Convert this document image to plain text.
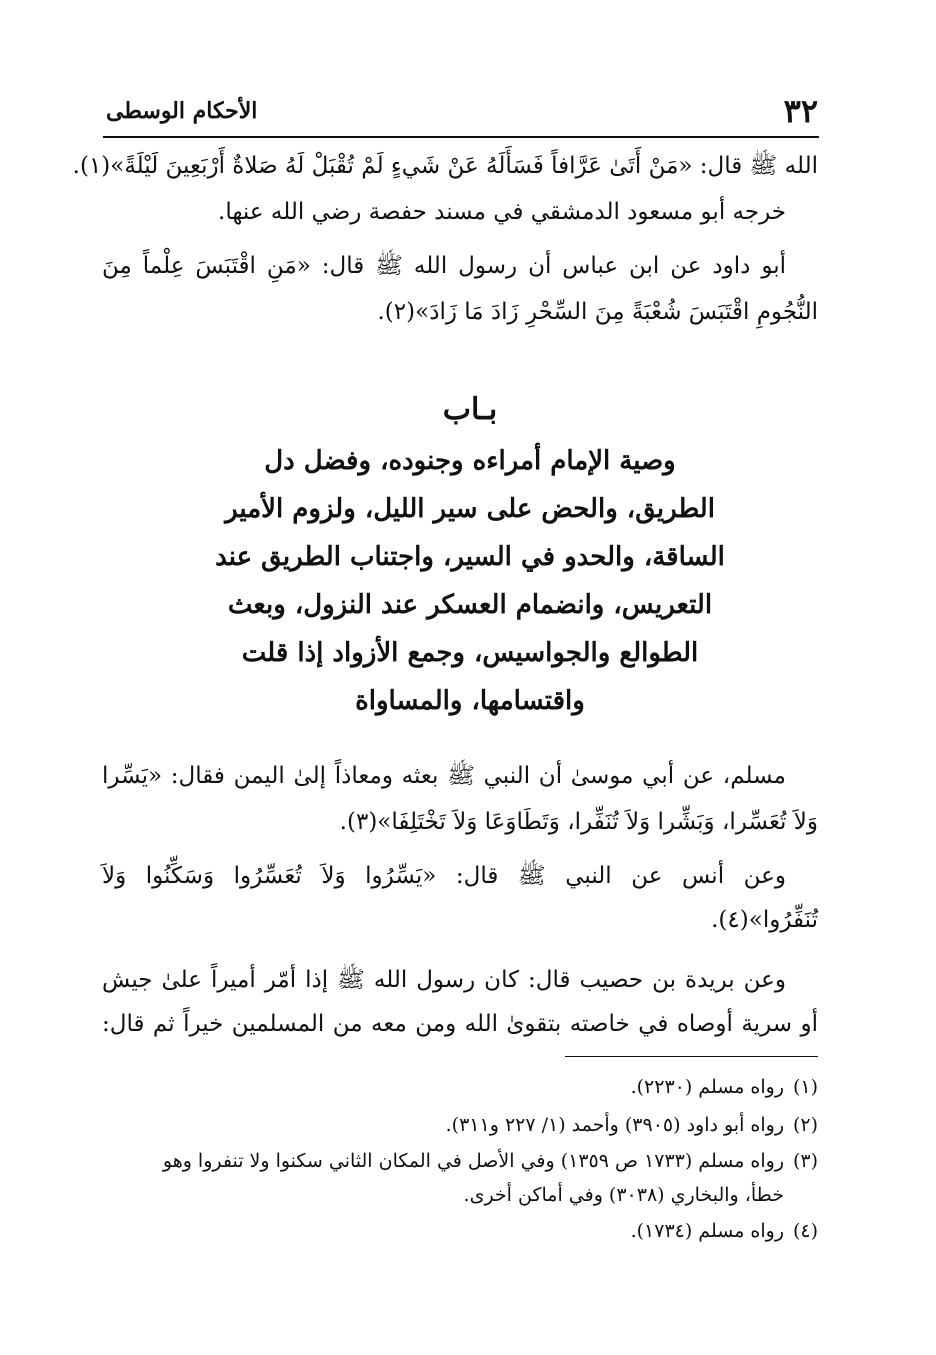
٣٢
الأحكام الوسطى
الله ﷺ قال: «مَنْ أَتَىٰ عَرَّافاً فَسَأَلَهُ عَنْ شَيءٍ لَمْ تُقْبَلْ لَهُ صَلاةٌ أَرْبَعِينَ لَيْلَةً»(١).
خرجه أبو مسعود الدمشقي في مسند حفصة رضي الله عنها.
أبو داود عن ابن عباس أن رسول الله ﷺ قال: «مَنِ اقْتَبَسَ عِلْماً مِنَ
النُّجُومِ اقْتَبَسَ شُعْبَةً مِنَ السِّحْرِ زَادَ مَا زَادَ»(٢).
بـاب
وصية الإمام أمراءه وجنوده، وفضل دل
الطريق، والحض على سير الليل، ولزوم الأمير
الساقة، والحدو في السير، واجتناب الطريق عند
التعريس، وانضمام العسكر عند النزول، وبعث
الطوالع والجواسيس، وجمع الأزواد إذا قلت
واقتسامها، والمساواة
مسلم، عن أبي موسىٰ أن النبي ﷺ بعثه ومعاذاً إلىٰ اليمن فقال: «يَسِّرا
وَلاَ تُعَسِّرا، وَبَشِّرا وَلاَ تُنَفِّرا، وَتَطَاوَعَا وَلاَ تَخْتَلِفَا»(٣).
وعن أنس عن النبي ﷺ قال: «يَسِّرُوا وَلاَ تُعَسِّرُوا وَسَكِّنُوا وَلاَ
تُنَفِّرُوا»(٤).
وعن بريدة بن حصيب قال: كان رسول الله ﷺ إذا أمّر أميراً علىٰ جيش
أو سرية أوصاه في خاصته بتقوىٰ الله ومن معه من المسلمين خيراً ثم قال:
(١)رواه مسلم (٢٢٣٠).
(٢)رواه أبو داود (٣٩٠٥) وأحمد (١/ ٢٢٧ و٣١١).
(٣)رواه مسلم (١٧٣٣ ص ١٣٥٩) وفي الأصل في المكان الثاني سكنوا ولا تنفروا وهو
خطأ، والبخاري (٣٠٣٨) وفي أماكن أخرى.
(٤)رواه مسلم (١٧٣٤).
